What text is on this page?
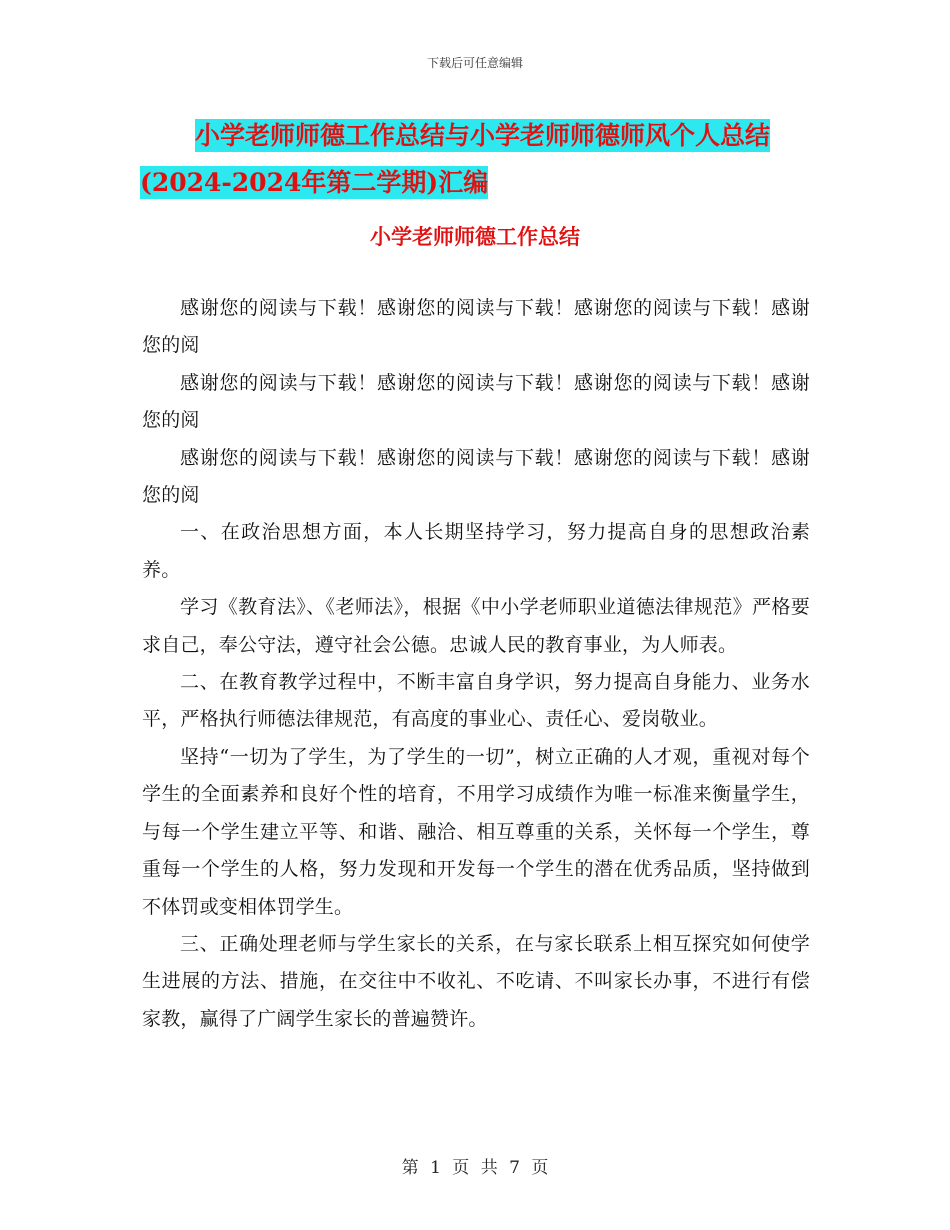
下载后可任意编辑
小学老师师德工作总结与小学老师师德师风个人总结
(2024-2024年第二学期)汇编
小学老师师德工作总结

感谢您的阅读与下载！感谢您的阅读与下载！感谢您的阅读与下载！感谢您的阅

感谢您的阅读与下载！感谢您的阅读与下载！感谢您的阅读与下载！感谢您的阅

感谢您的阅读与下载！感谢您的阅读与下载！感谢您的阅读与下载！感谢您的阅

一、在政治思想方面，本人长期坚持学习，努力提高自身的思想政治素养。

学习《教育法》、《老师法》，根据《中小学老师职业道德法律规范》严格要求自己，奉公守法，遵守社会公德。忠诚人民的教育事业，为人师表。

二、在教育教学过程中，不断丰富自身学识，努力提高自身能力、业务水平，严格执行师德法律规范，有高度的事业心、责任心、爱岗敬业。

坚持“一切为了学生，为了学生的一切”，树立正确的人才观，重视对每个学生的全面素养和良好个性的培育，不用学习成绩作为唯一标准来衡量学生，与每一个学生建立平等、和谐、融洽、相互尊重的关系，关怀每一个学生，尊重每一个学生的人格，努力发现和开发每一个学生的潜在优秀品质，坚持做到不体罚或变相体罚学生。

三、正确处理老师与学生家长的关系，在与家长联系上相互探究如何使学生进展的方法、措施，在交往中不收礼、不吃请、不叫家长办事，不进行有偿家教，赢得了广阔学生家长的普遍赞许。

第 1 页 共 7 页
